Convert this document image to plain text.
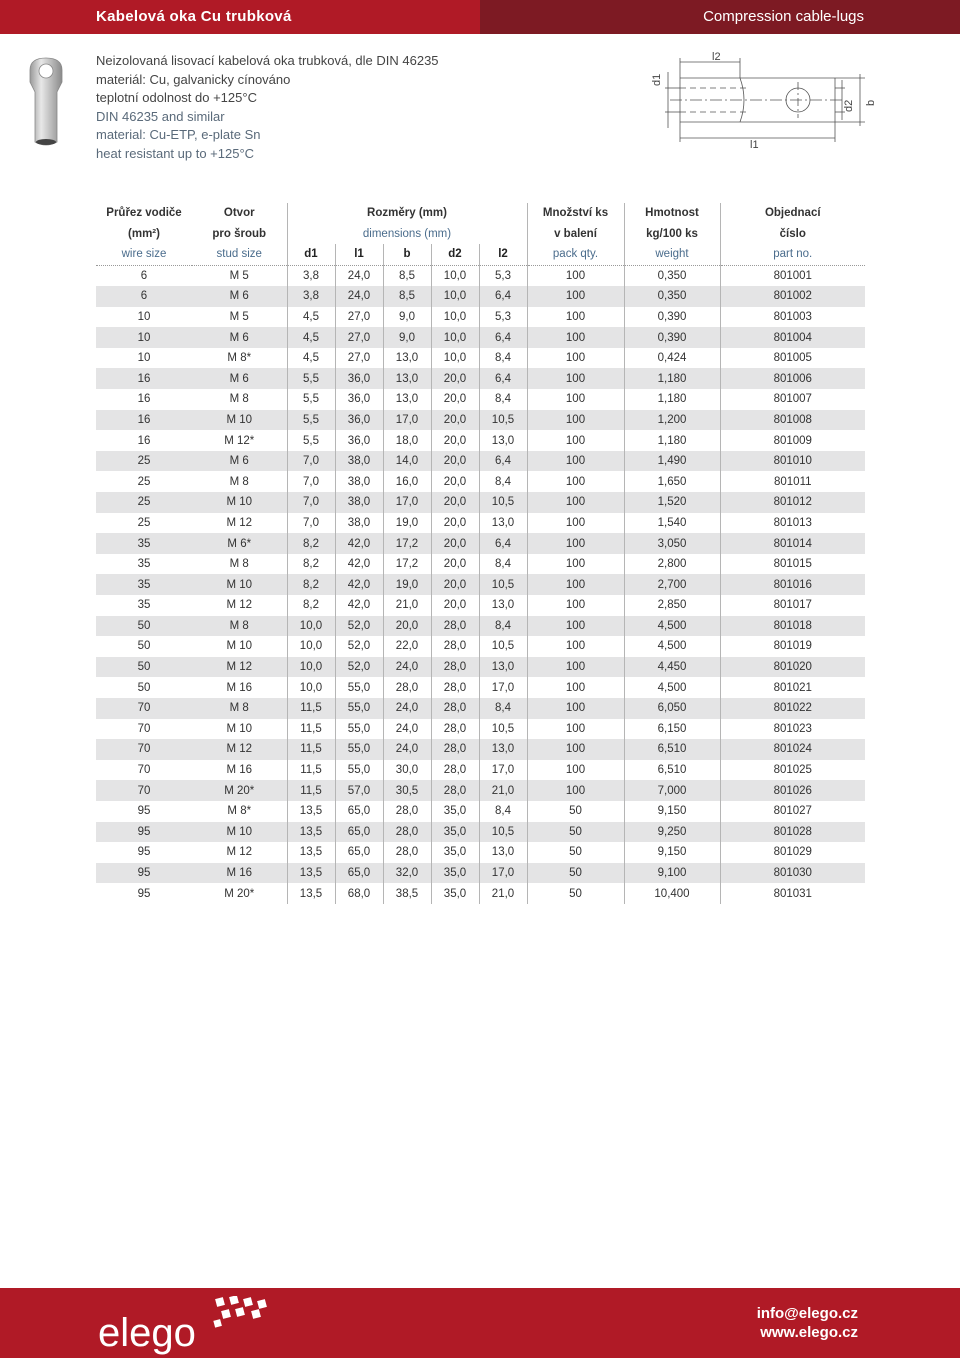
Kabelová oka Cu trubková	Compression cable-lugs
Neizolovaná lisovací kabelová oka trubková, dle DIN 46235
materiál: Cu, galvanicky cínováno
teplotní odolnost do +125°C
DIN 46235 and similar
material: Cu-ETP, e-plate Sn
heat resistant up to +125°C
d1
l2
l1
d2 b
Průřez vodiče	Otvor	Rozměry (mm)					Množství ks	Hmotnost	Objednací
(mm²)	pro šroub	dimensions (mm)					v balení	kg/100 ks	číslo
wire size	stud size	d1	l1	b	d2	l2	pack qty.	weight	part no.
6	M 5	3,8	24,0	8,5	10,0	5,3	100	0,350	801001
6	M 6	3,8	24,0	8,5	10,0	6,4	100	0,350	801002
10	M 5	4,5	27,0	9,0	10,0	5,3	100	0,390	801003
10	M 6	4,5	27,0	9,0	10,0	6,4	100	0,390	801004
10	M 8*	4,5	27,0	13,0	10,0	8,4	100	0,424	801005
16	M 6	5,5	36,0	13,0	20,0	6,4	100	1,180	801006
16	M 8	5,5	36,0	13,0	20,0	8,4	100	1,180	801007
16	M 10	5,5	36,0	17,0	20,0	10,5	100	1,200	801008
16	M 12*	5,5	36,0	18,0	20,0	13,0	100	1,180	801009
25	M 6	7,0	38,0	14,0	20,0	6,4	100	1,490	801010
25	M 8	7,0	38,0	16,0	20,0	8,4	100	1,650	801011
25	M 10	7,0	38,0	17,0	20,0	10,5	100	1,520	801012
25	M 12	7,0	38,0	19,0	20,0	13,0	100	1,540	801013
35	M 6*	8,2	42,0	17,2	20,0	6,4	100	3,050	801014
35	M 8	8,2	42,0	17,2	20,0	8,4	100	2,800	801015
35	M 10	8,2	42,0	19,0	20,0	10,5	100	2,700	801016
35	M 12	8,2	42,0	21,0	20,0	13,0	100	2,850	801017
50	M 8	10,0	52,0	20,0	28,0	8,4	100	4,500	801018
50	M 10	10,0	52,0	22,0	28,0	10,5	100	4,500	801019
50	M 12	10,0	52,0	24,0	28,0	13,0	100	4,450	801020
50	M 16	10,0	55,0	28,0	28,0	17,0	100	4,500	801021
70	M 8	11,5	55,0	24,0	28,0	8,4	100	6,050	801022
70	M 10	11,5	55,0	24,0	28,0	10,5	100	6,150	801023
70	M 12	11,5	55,0	24,0	28,0	13,0	100	6,510	801024
70	M 16	11,5	55,0	30,0	28,0	17,0	100	6,510	801025
70	M 20*	11,5	57,0	30,5	28,0	21,0	100	7,000	801026
95	M 8*	13,5	65,0	28,0	35,0	8,4	50	9,150	801027
95	M 10	13,5	65,0	28,0	35,0	10,5	50	9,250	801028
95	M 12	13,5	65,0	28,0	35,0	13,0	50	9,150	801029
95	M 16	13,5	65,0	32,0	35,0	17,0	50	9,100	801030
95	M 20*	13,5	68,0	38,5	35,0	21,0	50	10,400	801031
elego	info@elego.cz
www.elego.cz
